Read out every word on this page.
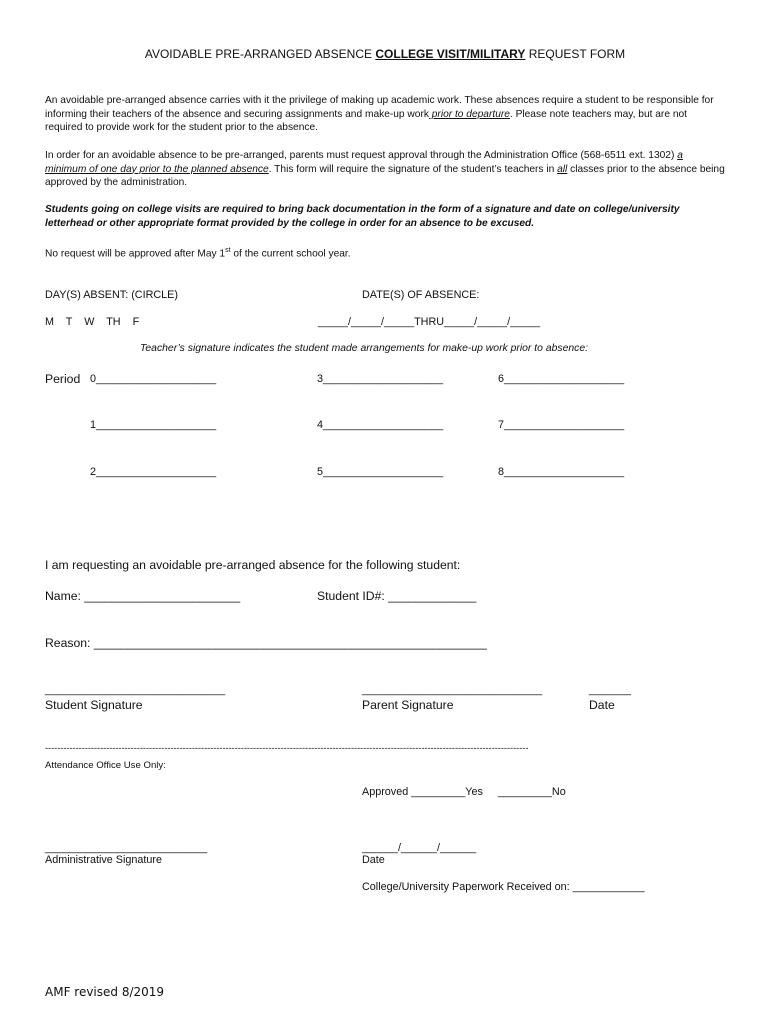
AVOIDABLE PRE-ARRANGED ABSENCE COLLEGE VISIT/MILITARY REQUEST FORM
An avoidable pre-arranged absence carries with it the privilege of making up academic work. These absences require a student to be responsible for informing their teachers of the absence and securing assignments and make-up work prior to departure. Please note teachers may, but are not required to provide work for the student prior to the absence.
In order for an avoidable absence to be pre-arranged, parents must request approval through the Administration Office (568-6511 ext. 1302) a minimum of one day prior to the planned absence. This form will require the signature of the student’s teachers in all classes prior to the absence being approved by the administration.
Students going on college visits are required to bring back documentation in the form of a signature and date on college/university letterhead or other appropriate format provided by the college in order for an absence to be excused.
No request will be approved after May 1st of the current school year.
DAY(S) ABSENT: (CIRCLE)	DATE(S) OF ABSENCE:
M    T    W    TH    F	_____/_____/_____THRU_____/_____/_____
Teacher’s signature indicates the student made arrangements for make-up work prior to absence:
Period 0____________________	3____________________	6____________________
1____________________	4____________________	7____________________
2____________________	5____________________	8____________________
I am requesting an avoidable pre-arranged absence for the following student:
Name: _______________________	Student ID#: _____________
Reason: __________________________________________________________
______________________________	______________________________	_______
Student Signature	Parent Signature	Date
--------------------------------------------------------------------------------------------------------------------------------------------------------------
Attendance Office Use Only:
Approved _________Yes     _________No
___________________________	______/______/______
Administrative Signature	Date
College/University Paperwork Received on: ____________
AMF revised 8/2019
